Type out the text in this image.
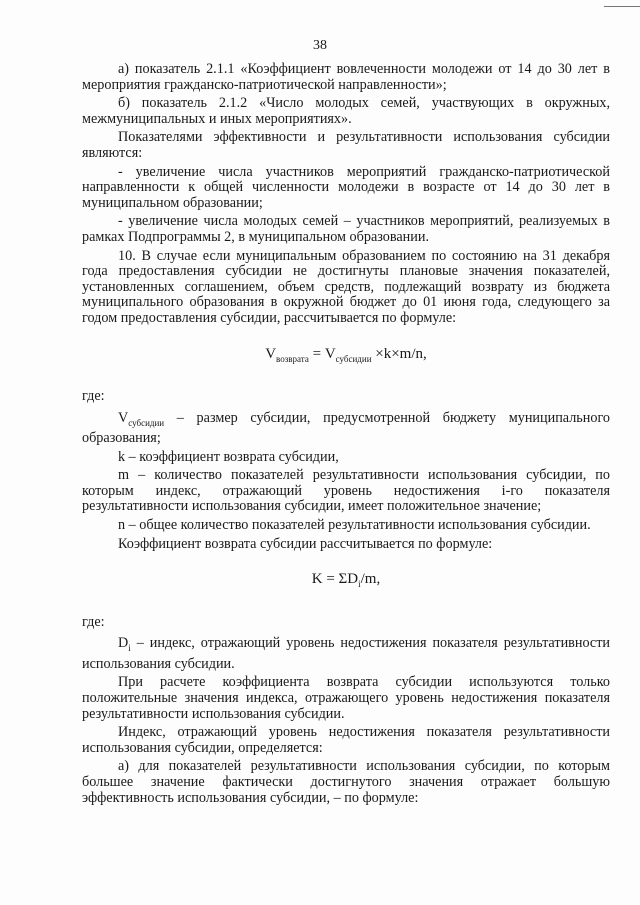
38

а) показатель 2.1.1 «Коэффициент вовлеченности молодежи от 14 до 30 лет в мероприятия гражданско-патриотической направленности»;

б) показатель 2.1.2 «Число молодых семей, участвующих в окружных, межмуниципальных и иных мероприятиях».

Показателями эффективности и результативности использования субсидии являются:

- увеличение числа участников мероприятий гражданско-патриотической направленности к общей численности молодежи в возрасте от 14 до 30 лет в муниципальном образовании;

- увеличение числа молодых семей – участников мероприятий, реализуемых в рамках Подпрограммы 2, в муниципальном образовании.

10. В случае если муниципальным образованием по состоянию на 31 декабря года предоставления субсидии не достигнуты плановые значения показателей, установленных соглашением, объем средств, подлежащий возврату из бюджета муниципального образования в окружной бюджет до 01 июня года, следующего за годом предоставления субсидии, рассчитывается по формуле:

$V_{возврата} = V_{субсидии} \times k\times m/n$,

где:

$V_{субсидии}$ – размер субсидии, предусмотренной бюджету муниципального образования;

k – коэффициент возврата субсидии,

m – количество показателей результативности использования субсидии, по которым индекс, отражающий уровень недостижения i-го показателя результативности использования субсидии, имеет положительное значение;

n – общее количество показателей результативности использования субсидии.

Коэффициент возврата субсидии рассчитывается по формуле:

$K = \Sigma D_i/m$,

где:

$D_i$ – индекс, отражающий уровень недостижения показателя результативности использования субсидии.

При расчете коэффициента возврата субсидии используются только положительные значения индекса, отражающего уровень недостижения показателя результативности использования субсидии.

Индекс, отражающий уровень недостижения показателя результативности использования субсидии, определяется:

а) для показателей результативности использования субсидии, по которым большее значение фактически достигнутого значения отражает большую эффективность использования субсидии, – по формуле:
